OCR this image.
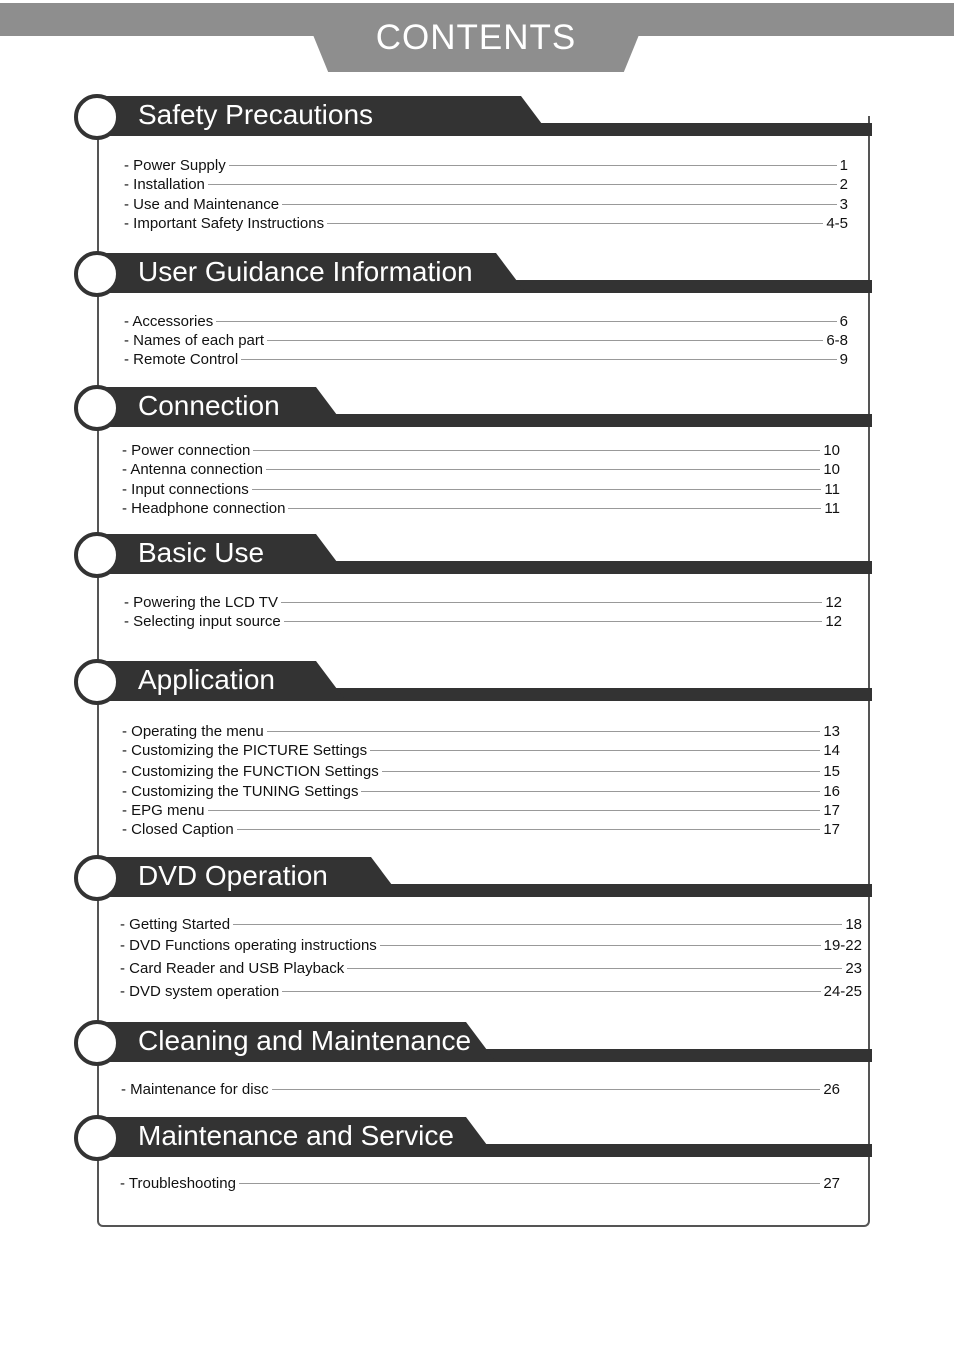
CONTENTS
Safety Precautions
- Power Supply	1
- Installation	2
- Use and Maintenance	3
- Important Safety Instructions	4-5
User Guidance Information
- Accessories	6
- Names of each part	6-8
- Remote Control	9
Connection
- Power connection	10
- Antenna connection	10
- Input connections	11
- Headphone connection	11
Basic Use
- Powering the LCD TV	12
- Selecting input source	12
Application
- Operating the menu	13
- Customizing the PICTURE Settings	14
- Customizing the FUNCTION Settings	15
- Customizing the TUNING Settings	16
- EPG menu	17
- Closed Caption	17
DVD Operation
- Getting Started	18
- DVD Functions operating instructions	19-22
- Card Reader and USB Playback	23
- DVD system operation	24-25
Cleaning and Maintenance
- Maintenance for disc	26
Maintenance and Service
- Troubleshooting	27
